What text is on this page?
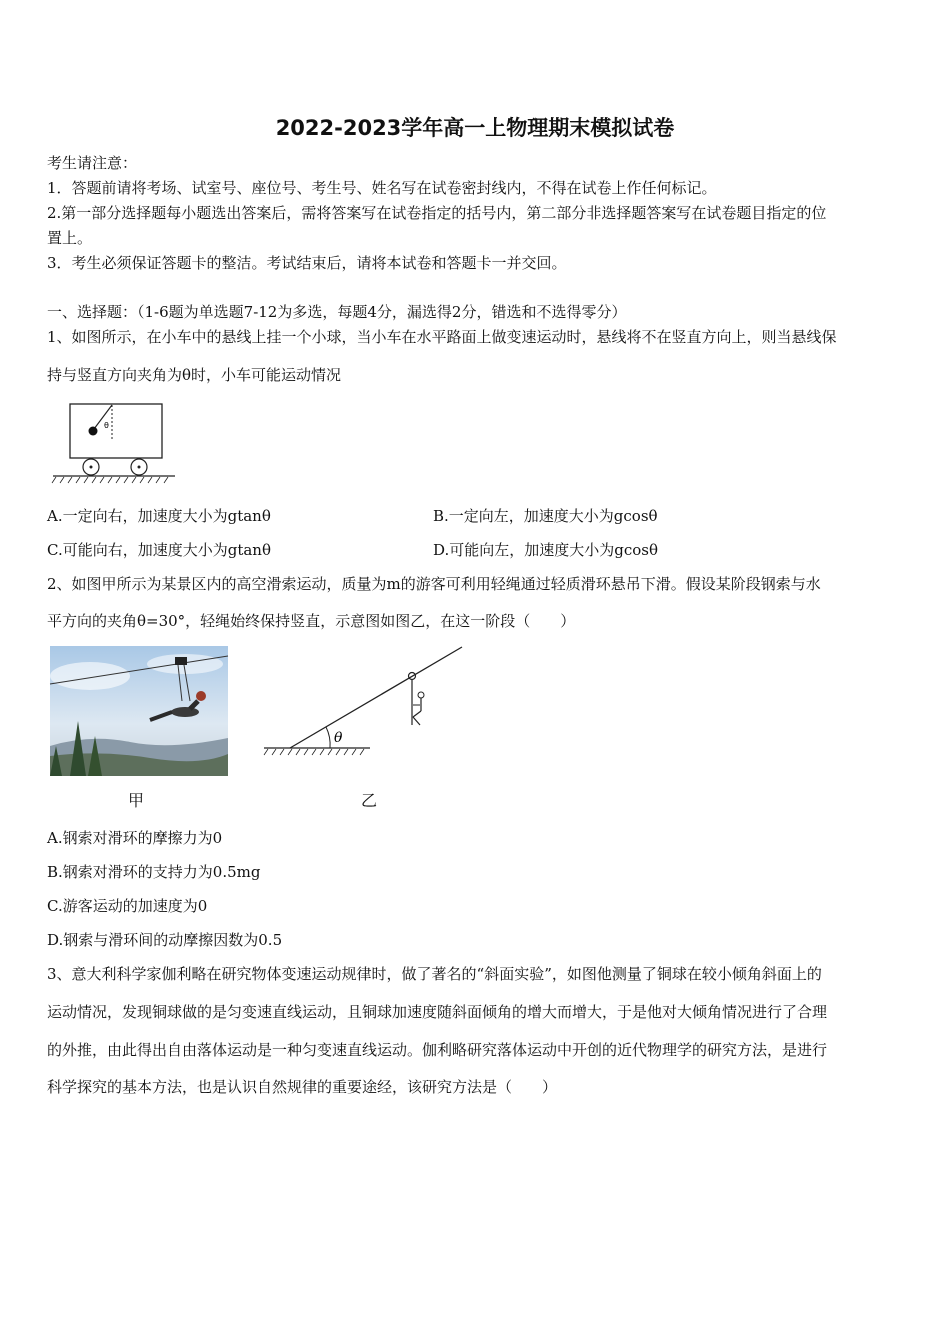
2022-2023学年高一上物理期末模拟试卷
考生请注意：
1．答题前请将考场、试室号、座位号、考生号、姓名写在试卷密封线内，不得在试卷上作任何标记。
2.第一部分选择题每小题选出答案后，需将答案写在试卷指定的括号内，第二部分非选择题答案写在试卷题目指定的位
置上。
3．考生必须保证答题卡的整洁。考试结束后，请将本试卷和答题卡一并交回。
一、选择题：（1-6题为单选题7-12为多选，每题4分，漏选得2分，错选和不选得零分）
1、如图所示，在小车中的悬线上挂一个小球，当小车在水平路面上做变速运动时，悬线将不在竖直方向上，则当悬线保
持与竖直方向夹角为θ时，小车可能运动情况
θ
A.一定向右，加速度大小为gtanθ	B.一定向左，加速度大小为gcosθ
C.可能向右，加速度大小为gtanθ	D.可能向左，加速度大小为gcosθ
2、如图甲所示为某景区内的高空滑索运动，质量为m的游客可利用轻绳通过轻质滑环悬吊下滑。假设某阶段钢索与水
平方向的夹角θ=30°，轻绳始终保持竖直，示意图如图乙，在这一阶段（　　）
甲
θ
乙
A.钢索对滑环的摩擦力为0
B.钢索对滑环的支持力为0.5mg
C.游客运动的加速度为0
D.钢索与滑环间的动摩擦因数为0.5
3、意大利科学家伽利略在研究物体变速运动规律时，做了著名的“斜面实验”，如图他测量了铜球在较小倾角斜面上的
运动情况，发现铜球做的是匀变速直线运动，且铜球加速度随斜面倾角的增大而增大，于是他对大倾角情况进行了合理
的外推，由此得出自由落体运动是一种匀变速直线运动。伽利略研究落体运动中开创的近代物理学的研究方法，是进行
科学探究的基本方法，也是认识自然规律的重要途经，该研究方法是（　　）
